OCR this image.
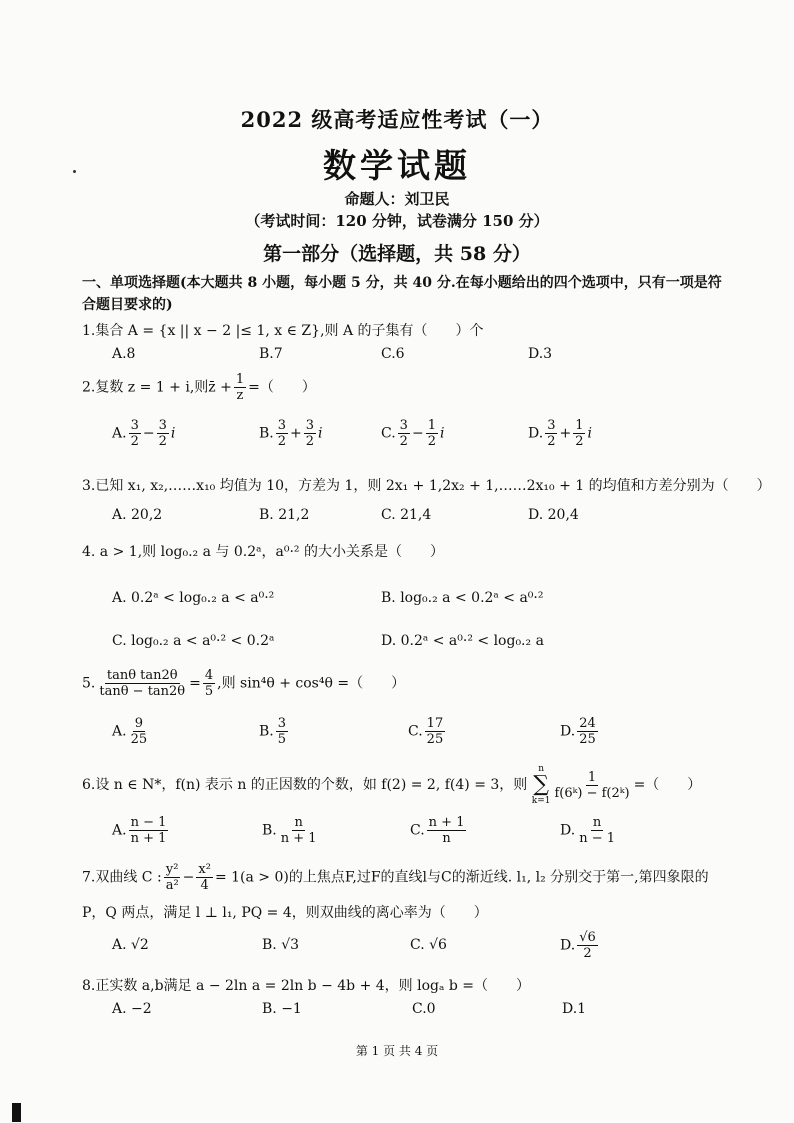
2022 级高考适应性考试（一）
数学试题
命题人：刘卫民
（考试时间：120 分钟，试卷满分 150 分）
第一部分（选择题，共 58 分）
一、单项选择题(本大题共 8 小题，每小题 5 分，共 40 分.在每小题给出的四个选项中，只有一项是符合题目要求的)
1.集合 A = {x || x − 2 |≤ 1, x ∈ Z},则 A 的子集有（　　）个
A.8	B.7	C.6	D.3
2.复数 z = 1 + i,则z̄ + $\frac{1}{z}$ =（　　）
A. $\frac{3}{2} - \frac{3}{2}$ i	B. $\frac{3}{2} + \frac{3}{2}$ i	C. $\frac{3}{2} - \frac{1}{2}$ i	D. $\frac{3}{2} + \frac{1}{2}$ i
3.已知 x₁, x₂,……x₁₀ 均值为 10，方差为 1，则 2x₁ + 1,2x₂ + 1,……2x₁₀ + 1 的均值和方差分别为（　　）
A. 20,2	B. 21,2	C. 21,4	D. 20,4
4. a > 1,则 log₀.₂ a 与 0.2ᵃ，a⁰·² 的大小关系是（　　）
A. 0.2ᵃ < log₀.₂ a < a⁰·²	B. log₀.₂ a < 0.2ᵃ < a⁰·²
C. log₀.₂ a < a⁰·² < 0.2ᵃ	D. 0.2ᵃ < a⁰·² < log₀.₂ a
5. $\frac{\text{tanθ tan2θ}}{\tan\theta - \tan 2\theta} = \frac{4}{5}$ ,则 sin⁴θ + cos⁴θ =（　　）
A. $\frac{9}{25}$	B. $\frac{3}{5}$	C. $\frac{17}{25}$	D. $\frac{24}{25}$
6.设 n ∈ N*，f(n) 表示 n 的正因数的个数，如 f(2) = 2, f(4) = 3，则
n
∑
k=1
$\frac{1}{\text{f(6ᵏ) − f(2ᵏ)}}$ =（　　）
A. $\frac{n - 1}{n + 1}$	B. $\frac{n}{n + 1}$	C. $\frac{n + 1}{n}$	D. $\frac{n}{n - 1}$
7.双曲线 C : $\frac{\text{y²}}{\text{a²}} - \frac{\text{x²}}{4} = 1(a > 0)$的上焦点F,过F的直线l与C的渐近线. l₁, l₂ 分别交于第一,第四象限的
P，Q 两点，满足 l ⊥ l₁, PQ = 4，则双曲线的离心率为（　　）
A. √2	B. √3	C. √6	D. $\frac{√6}{2}$
8.正实数 a,b满足 a − 2ln a = 2ln b − 4b + 4，则 logₐ b =（　　）
A. −2	B. −1	C.0	D.1
第 1 页 共 4 页
